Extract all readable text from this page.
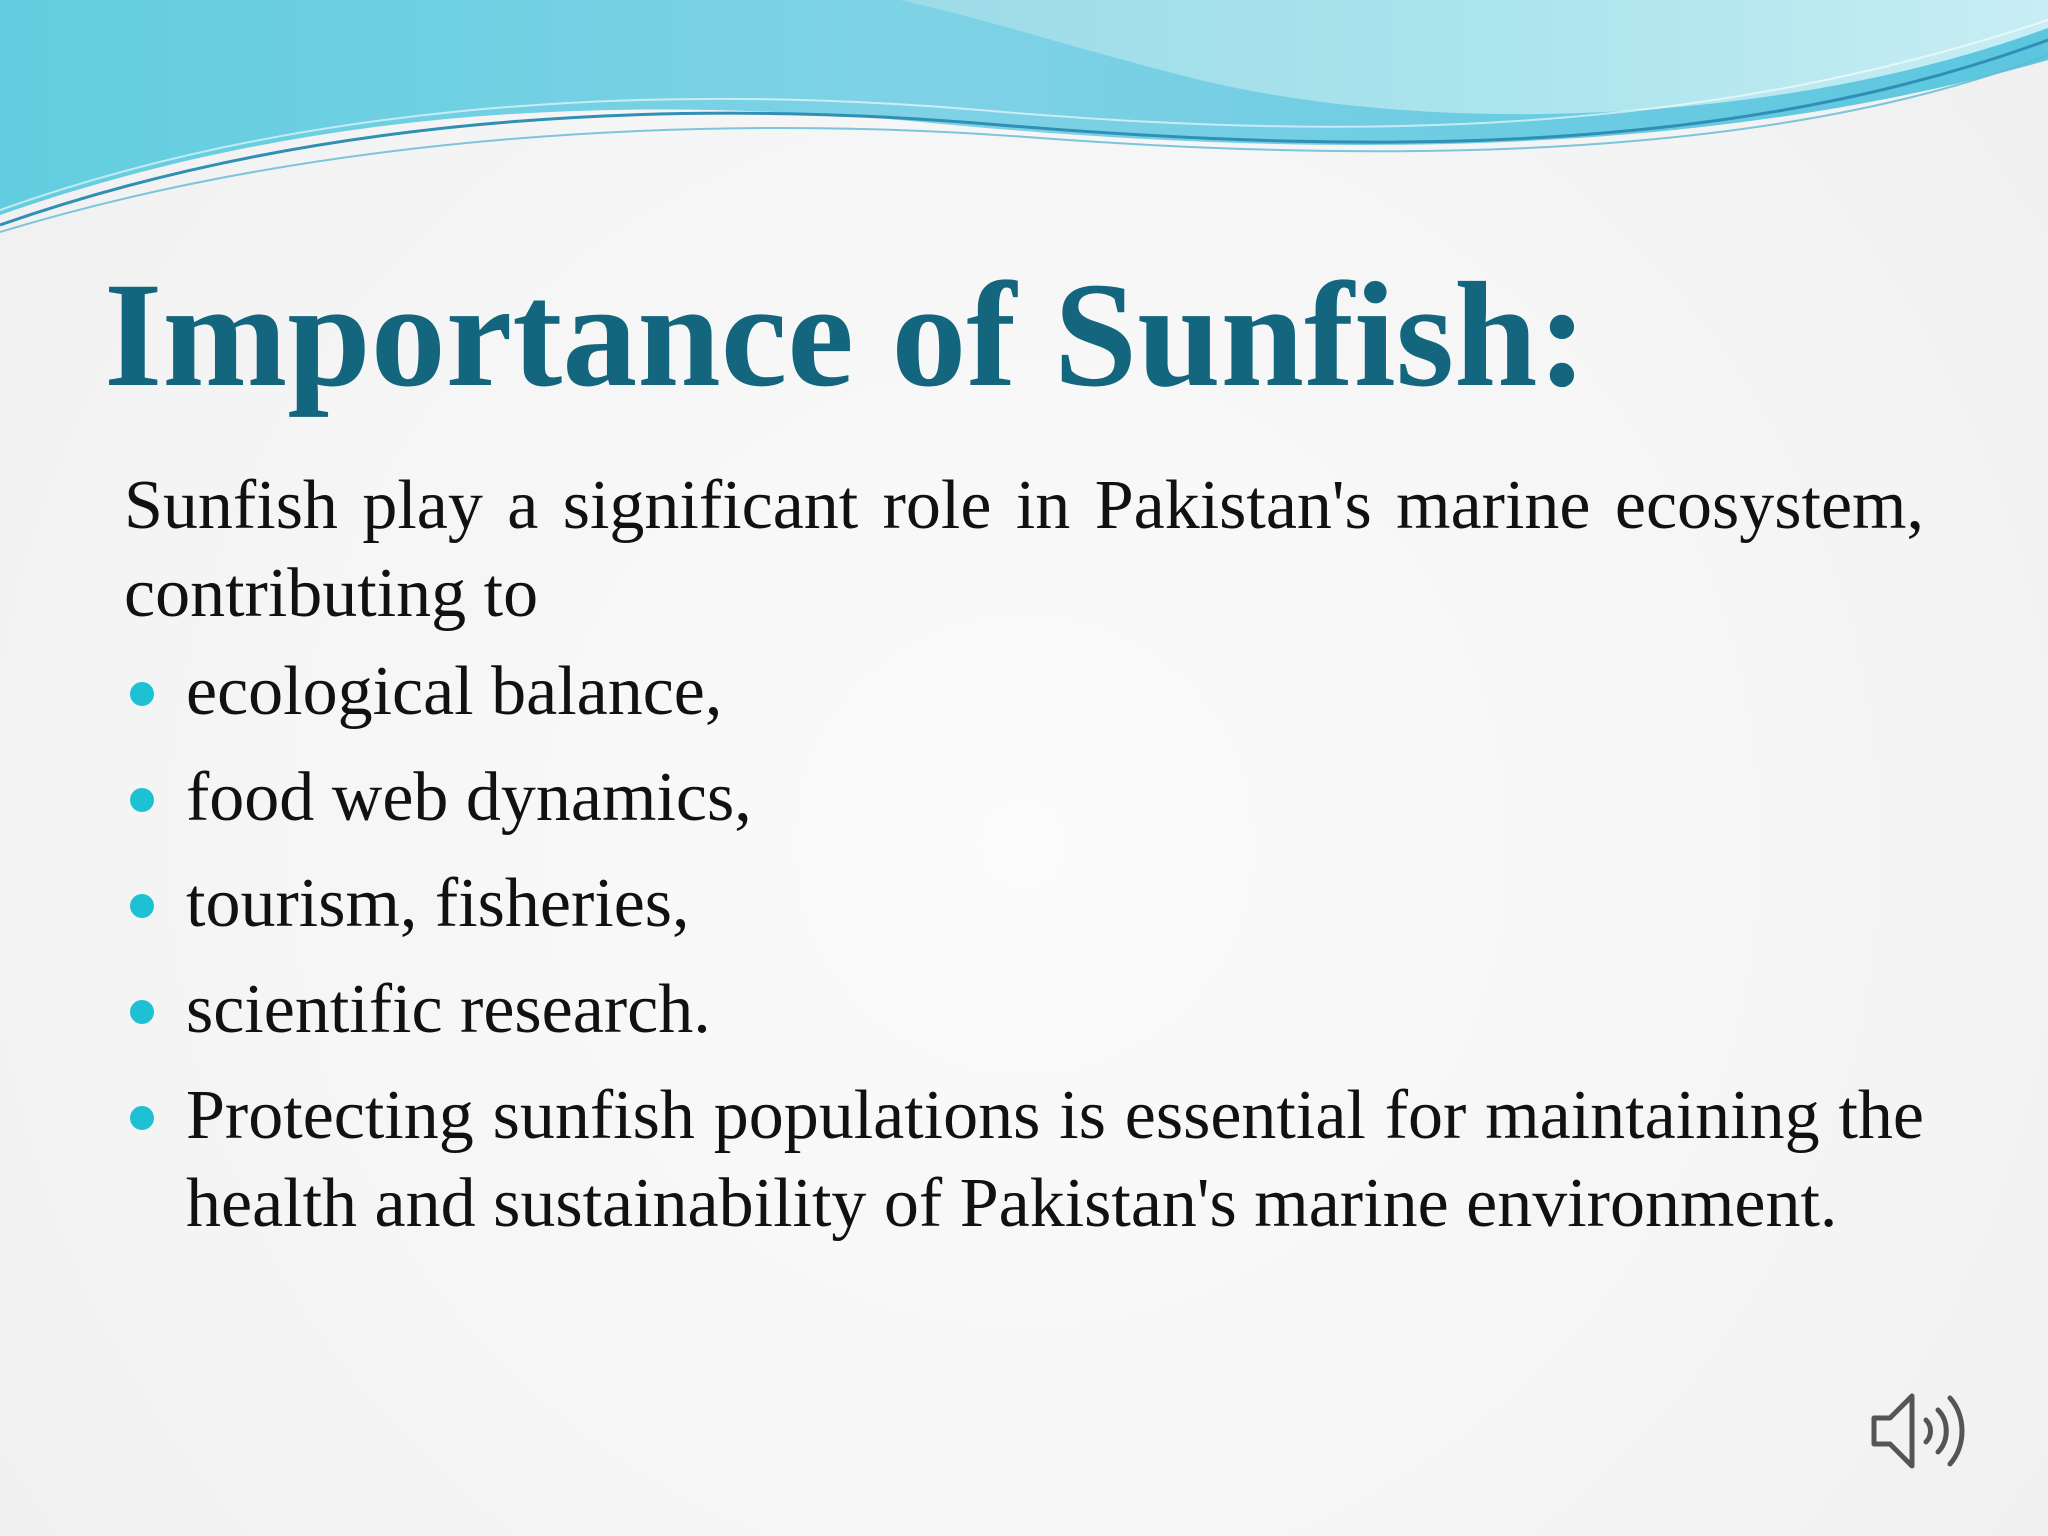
Importance of Sunfish:

Sunfish play a significant role in Pakistan's marine ecosystem, contributing to

ecological balance,
food web dynamics,
tourism, fisheries,
scientific research.
Protecting sunfish populations is essential for maintaining the health and sustainability of Pakistan's marine environment.
